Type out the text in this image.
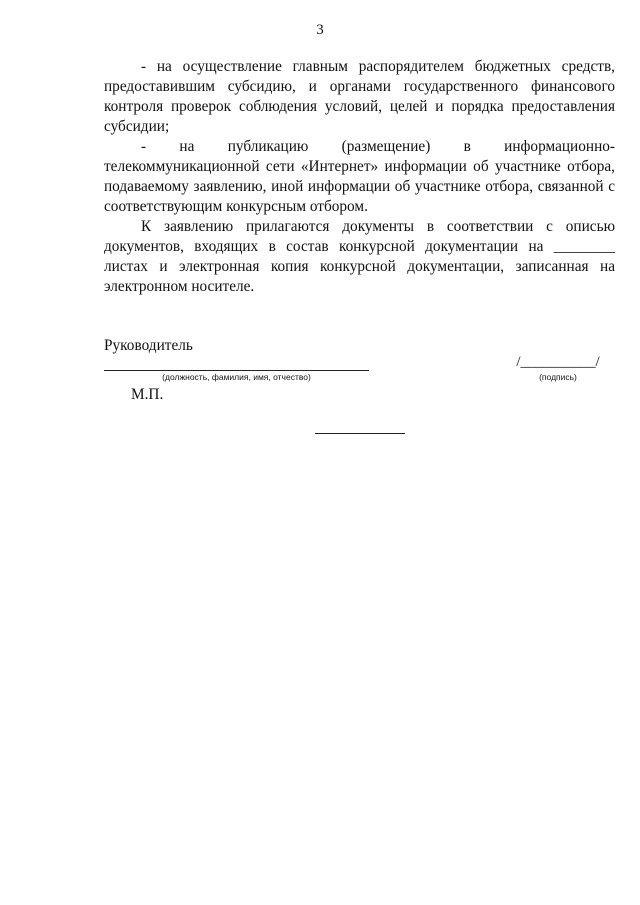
3

- на осуществление главным распорядителем бюджетных средств, предоставившим субсидию, и органами государственного финансового контроля проверок соблюдения условий, целей и порядка предоставления субсидии;

- на публикацию (размещение) в информационно-телекоммуникационной сети «Интернет» информации об участнике отбора, подаваемому заявлению, иной информации об участнике отбора, связанной с соответствующим конкурсным отбором.

К заявлению прилагаются документы в соответствии с описью документов, входящих в состав конкурсной документации на ________ листах и электронная копия конкурсной документации, записанная на электронном носителе.

Руководитель
(должность, фамилия, имя, отчество)
/__________/
(подпись)
М.П.
